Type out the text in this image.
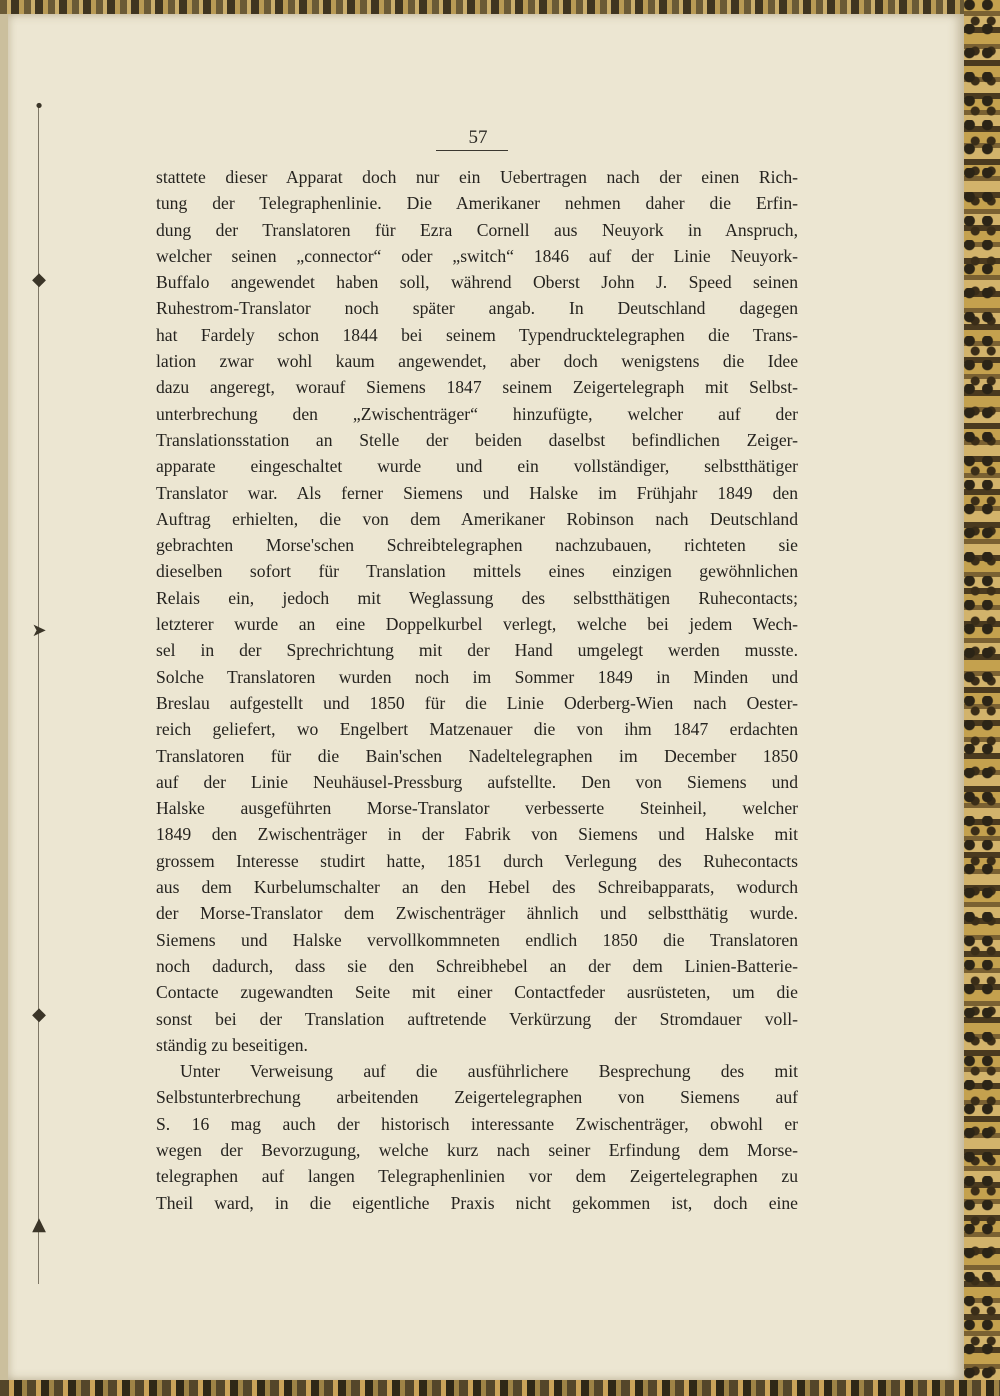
•
◆
➤
◆
▲
57
stattete dieser Apparat doch nur ein Uebertragen nach der einen Rich-
tung der Telegraphenlinie. Die Amerikaner nehmen daher die Erfin-
dung der Translatoren für Ezra Cornell aus Neuyork in Anspruch,
welcher seinen „connector“ oder „switch“ 1846 auf der Linie Neuyork-
Buffalo angewendet haben soll, während Oberst John J. Speed seinen
Ruhestrom-Translator noch später angab. In Deutschland dagegen
hat Fardely schon 1844 bei seinem Typendrucktelegraphen die Trans-
lation zwar wohl kaum angewendet, aber doch wenigstens die Idee
dazu angeregt, worauf Siemens 1847 seinem Zeigertelegraph mit Selbst-
unterbrechung den „Zwischenträger“ hinzufügte, welcher auf der
Translationsstation an Stelle der beiden daselbst befindlichen Zeiger-
apparate eingeschaltet wurde und ein vollständiger, selbstthätiger
Translator war. Als ferner Siemens und Halske im Frühjahr 1849 den
Auftrag erhielten, die von dem Amerikaner Robinson nach Deutschland
gebrachten Morse'schen Schreibtelegraphen nachzubauen, richteten sie
dieselben sofort für Translation mittels eines einzigen gewöhnlichen
Relais ein, jedoch mit Weglassung des selbstthätigen Ruhecontacts;
letzterer wurde an eine Doppelkurbel verlegt, welche bei jedem Wech-
sel in der Sprechrichtung mit der Hand umgelegt werden musste.
Solche Translatoren wurden noch im Sommer 1849 in Minden und
Breslau aufgestellt und 1850 für die Linie Oderberg-Wien nach Oester-
reich geliefert, wo Engelbert Matzenauer die von ihm 1847 erdachten
Translatoren für die Bain'schen Nadeltelegraphen im December 1850
auf der Linie Neuhäusel-Pressburg aufstellte. Den von Siemens und
Halske ausgeführten Morse-Translator verbesserte Steinheil, welcher
1849 den Zwischenträger in der Fabrik von Siemens und Halske mit
grossem Interesse studirt hatte, 1851 durch Verlegung des Ruhecontacts
aus dem Kurbelumschalter an den Hebel des Schreibapparats, wodurch
der Morse-Translator dem Zwischenträger ähnlich und selbstthätig wurde.
Siemens und Halske vervollkommneten endlich 1850 die Translatoren
noch dadurch, dass sie den Schreibhebel an der dem Linien-Batterie-
Contacte zugewandten Seite mit einer Contactfeder ausrüsteten, um die
sonst bei der Translation auftretende Verkürzung der Stromdauer voll-
ständig zu beseitigen.
Unter Verweisung auf die ausführlichere Besprechung des mit
Selbstunterbrechung arbeitenden Zeigertelegraphen von Siemens auf
S. 16 mag auch der historisch interessante Zwischenträger, obwohl er
wegen der Bevorzugung, welche kurz nach seiner Erfindung dem Morse-
telegraphen auf langen Telegraphenlinien vor dem Zeigertelegraphen zu
Theil ward, in die eigentliche Praxis nicht gekommen ist, doch eine
